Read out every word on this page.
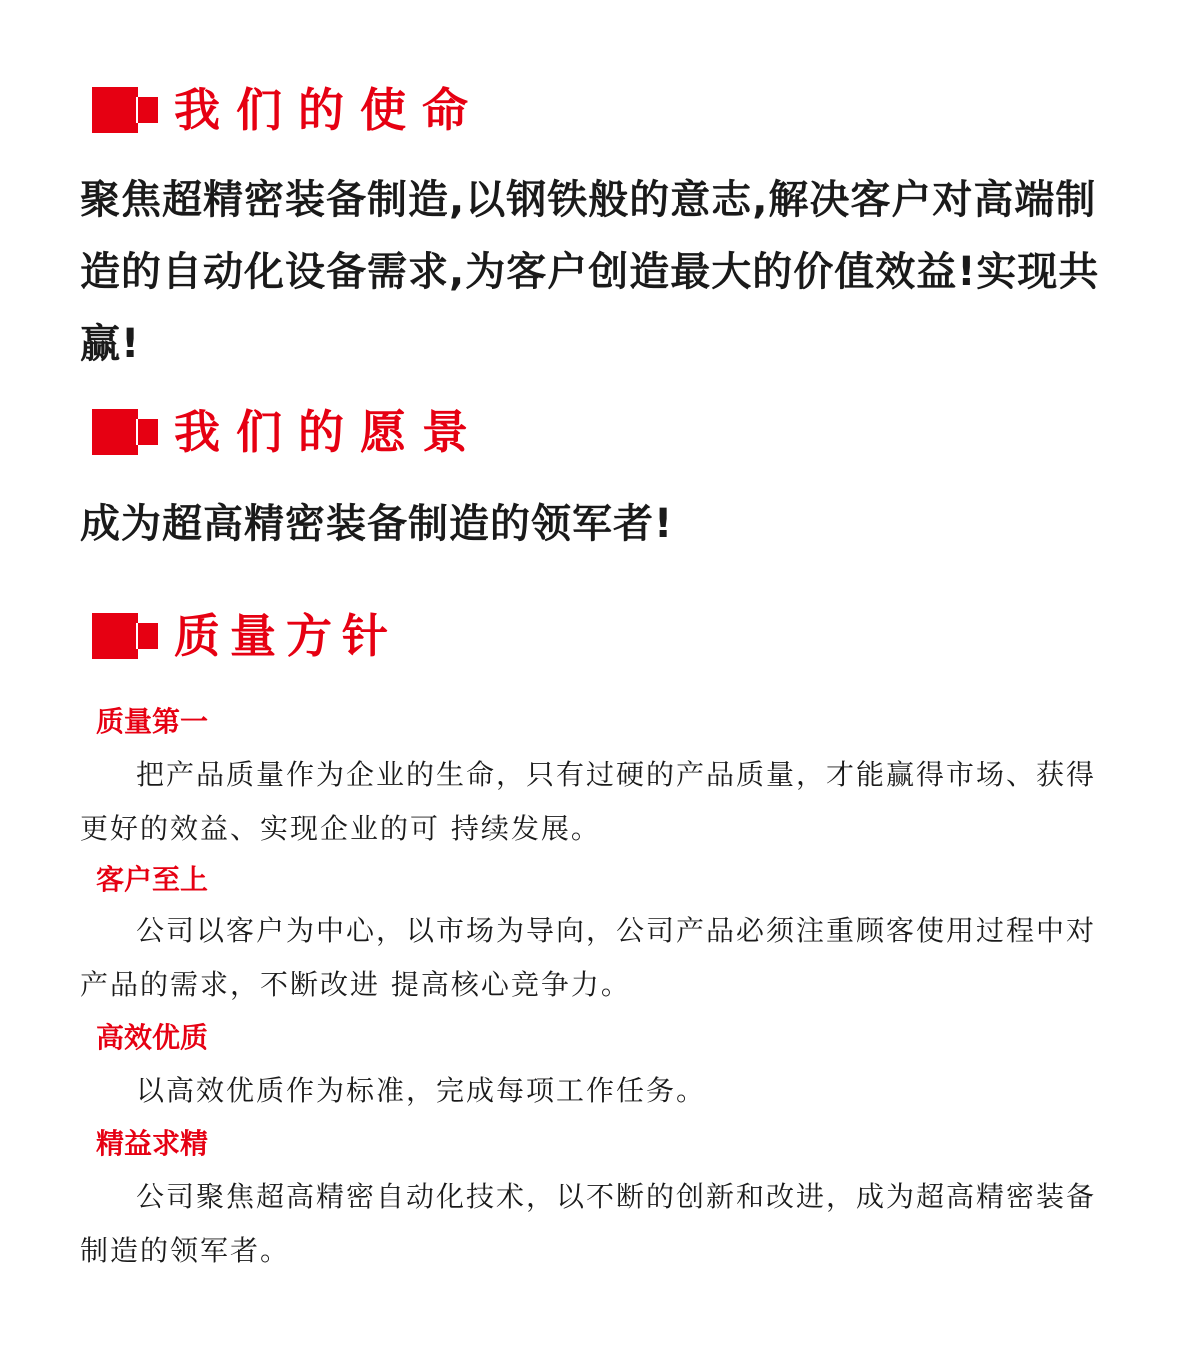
我们的使命

聚焦超精密装备制造,以钢铁般的意志,解决客户对高端制造的自动化设备需求,为客户创造最大的价值效益!实现共赢!

我们的愿景

成为超高精密装备制造的领军者!

质量方针

质量第一

把产品质量作为企业的生命，只有过硬的产品质量，才能赢得市场、获得更好的效益、实现企业的可 持续发展。

客户至上

公司以客户为中心，以市场为导向，公司产品必须注重顾客使用过程中对产品的需求，不断改进 提高核心竞争力。

高效优质

以高效优质作为标准，完成每项工作任务。

精益求精

公司聚焦超高精密自动化技术，以不断的创新和改进，成为超高精密装备制造的领军者。
